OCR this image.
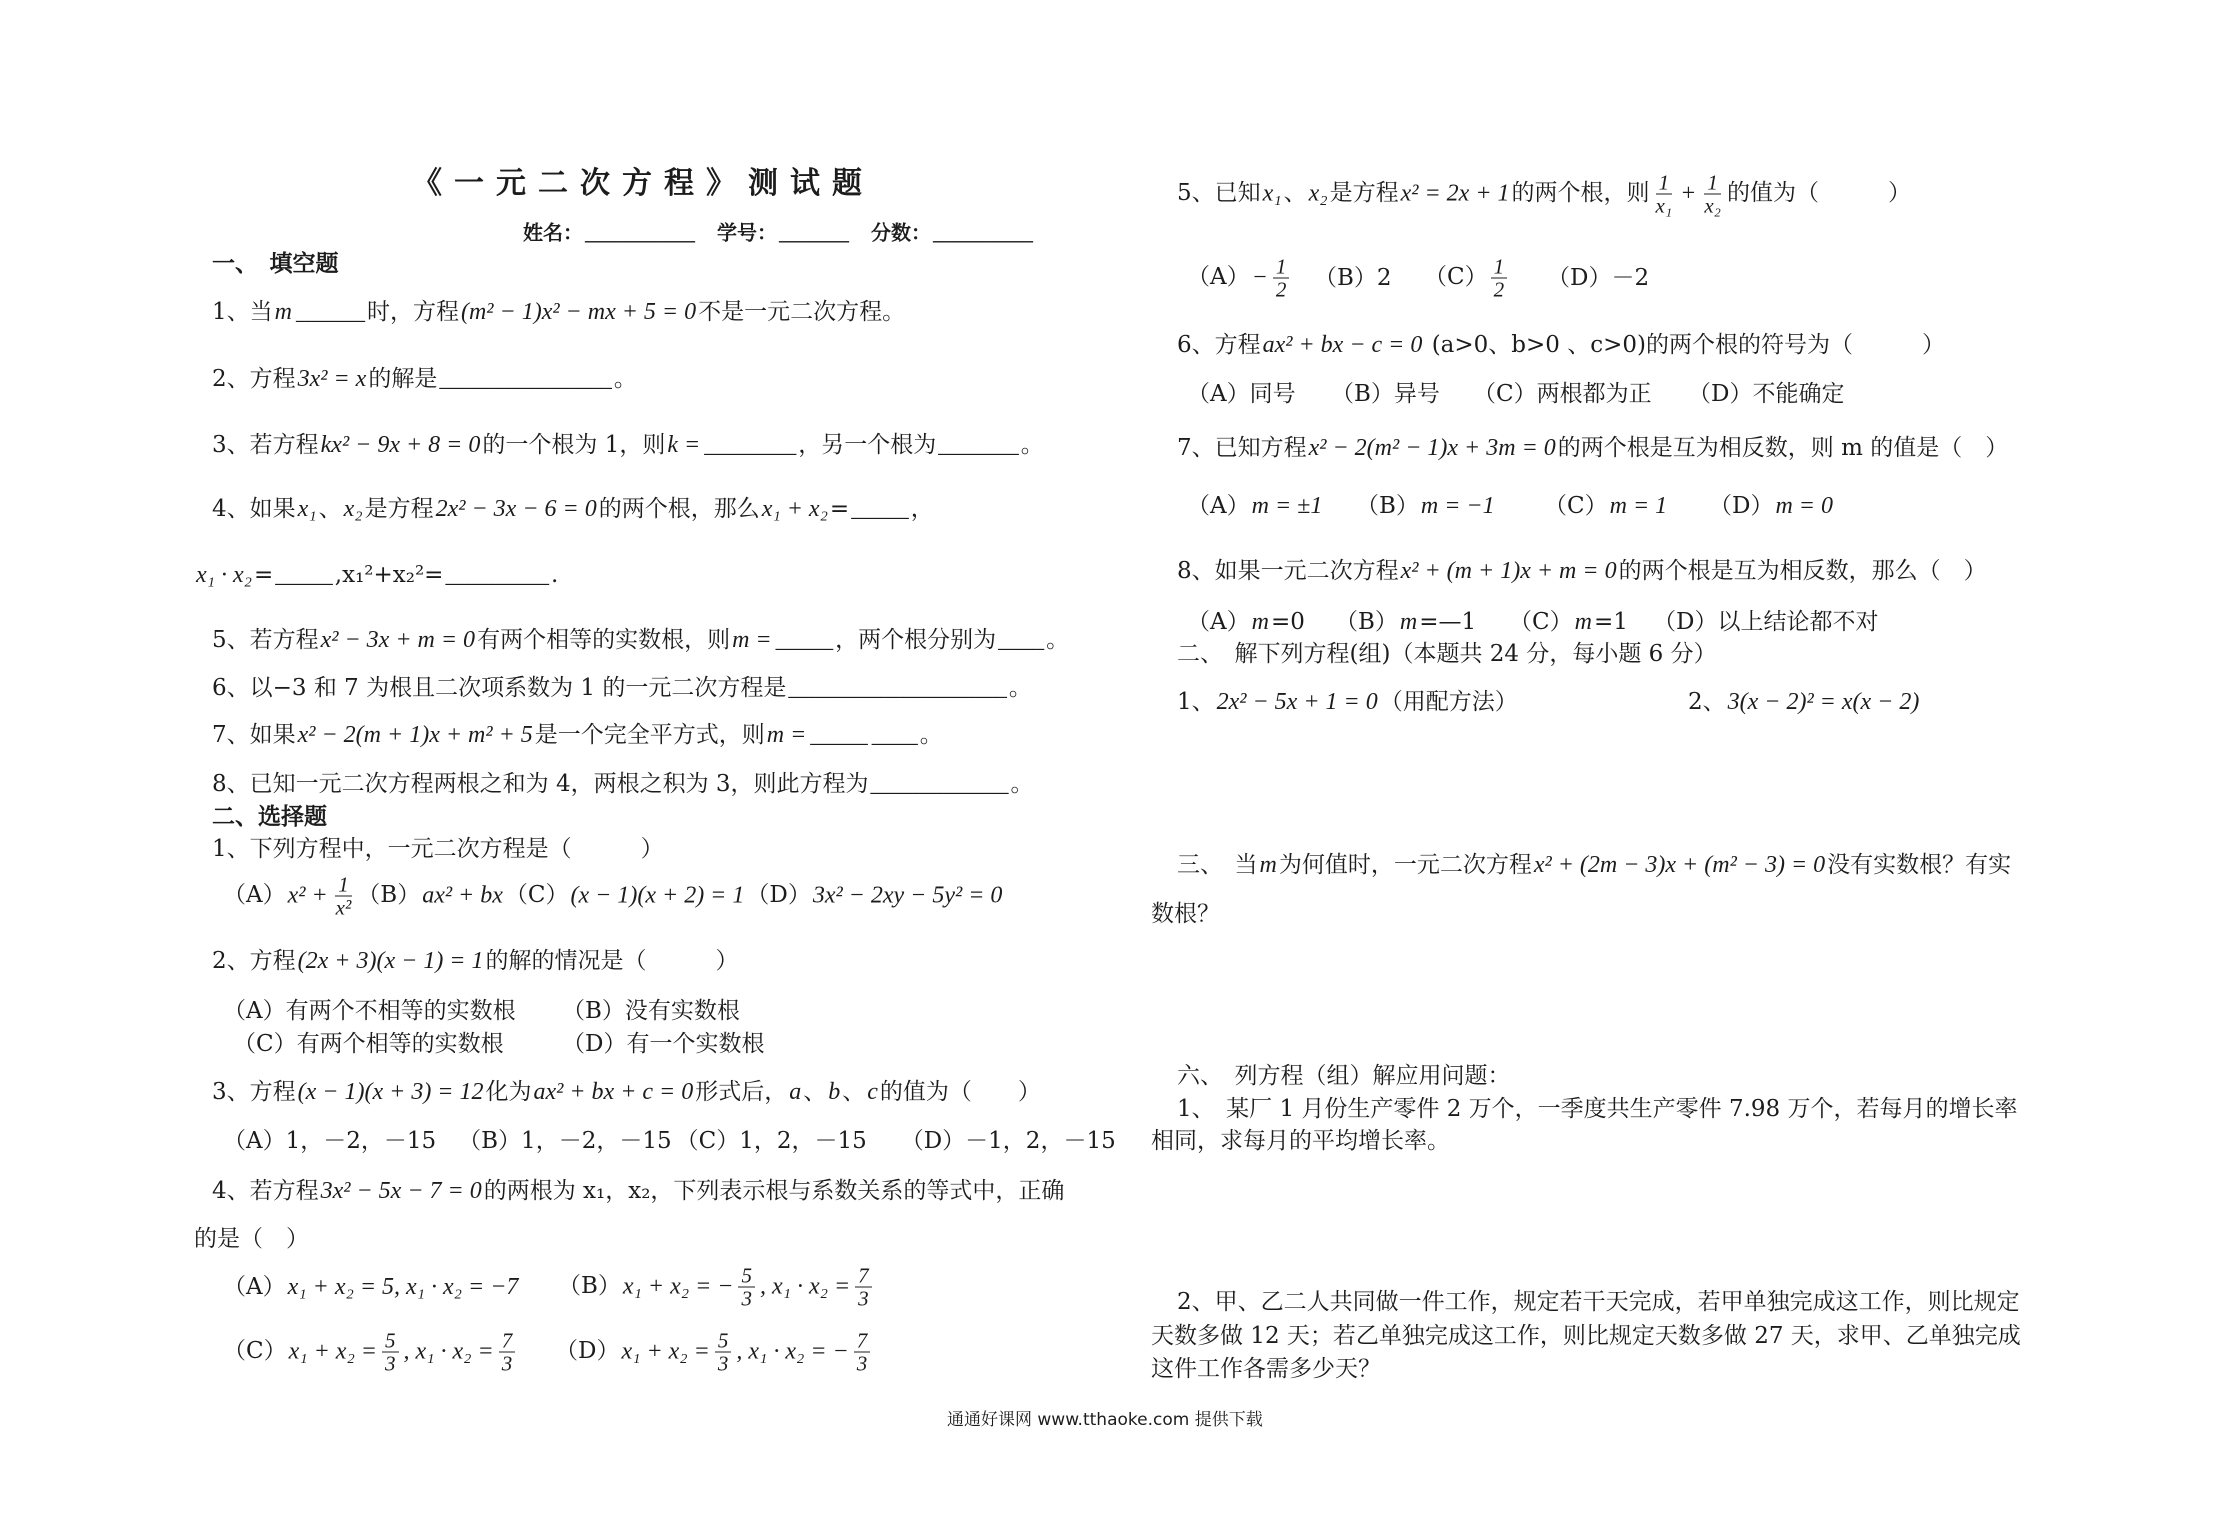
《一元二次方程》测试题
姓名： ___________　学号： _______　分数： __________
一、　填空题
1、当m ______时，方程(m² − 1)x² − mx + 5 = 0不是一元二次方程。
2、方程3x² = x的解是_______________。
3、若方程kx² − 9x + 8 = 0的一个根为 1，则k = ________，另一个根为_______。
4、如果x₁、x₂是方程2x² − 3x − 6 = 0的两个根，那么x₁ + x₂=_____，
x₁ · x₂=_____,x₁²+x₂²=_________.
5、若方程x² − 3x + m = 0有两个相等的实数根，则m = _____，两个根分别为____。
6、以−3 和 7 为根且二次项系数为 1 的一元二次方程是___________________。
7、如果x² − 2(m + 1)x + m² + 5是一个完全平方式，则m = _____ ____。
8、已知一元二次方程两根之和为 4，两根之积为 3，则此方程为____________。
二、选择题
1、下列方程中，一元二次方程是（　　　）
$(A)x^2 + \frac{1}{\text{x²}} (B)ax^2 + bx(C)(x - 1)(x + 2) = 1(D)3x^2 - 2xy - 5y^2 = 0$
2、方程(2x + 3)(x − 1) = 1的解的情况是（　　　）
（A）有两个不相等的实数根 （B）没有实数根
（C）有两个相等的实数根	（D）有一个实数根
3、方程(x − 1)(x + 3) = 12化为ax² + bx + c = 0形式后，a、b、c的值为（　　）
（A）1，－2，－15 （B）1，－2，－15 （C）1，2，－15 （D）－1，2，－15
4、若方程3x² − 5x − 7 = 0的两根为 x₁，x₂，下列表示根与系数关系的等式中，正确
的是（　）
（A）x₁ + x₂ = 5, x₁ · x₂ = −7 （B）x₁ + x₂ = − $\frac{5}{3}$ , $x_1 \cdot x_2 = \frac{7}{3}$
$(C)x_1 + x_2 = \frac{5}{3}$ , $x_1 \cdot x_2 = \frac{7}{3} (D)x_1 + x_2 = \frac{5}{3}$ , x₁ · x₂ = − $\frac{7}{3}$
5、已知x₁、x₂是方程x² = 2x + 1的两个根，则 $\frac{1}{\text{x₁}} + \frac{1}{\text{x₂}}$ 的值为（　　　）
$(A)- \frac{1}{2} (B)2$ $(C) \frac{1}{2} (D)-2$
6、方程ax² + bx − c = 0 (a>0、b>0 、c>0)的两个根的符号为（　　　）
（A）同号 （B）异号 （C）两根都为正 （D）不能确定
7、已知方程x² − 2(m² − 1)x + 3m = 0的两个根是互为相反数，则 m 的值是（　）
（A）m = ±1 （B）m = −1 （C）m = 1 （D）m = 0
8、如果一元二次方程x² + (m + 1)x + m = 0的两个根是互为相反数，那么（　）
（A）m=0 （B）m=—1 （C）m=1 （D）以上结论都不对
二、　解下列方程(组)（本题共 24 分，每小题 6 分）
1、2x² − 5x + 1 = 0（用配方法）	2、3(x − 2)² = x(x − 2)
三、　当m为何值时，一元二次方程x² + (2m − 3)x + (m² − 3) = 0没有实数根？有实
数根？
六、　列方程（组）解应用问题：
1、　某厂 1 月份生产零件 2 万个，一季度共生产零件 7.98 万个，若每月的增长率
相同，求每月的平均增长率。
2、甲、乙二人共同做一件工作，规定若干天完成，若甲单独完成这工作，则比规定
天数多做 12 天；若乙单独完成这工作，则比规定天数多做 27 天，求甲、乙单独完成
这件工作各需多少天？
通通好课网 www.tthaoke.com 提供下载
